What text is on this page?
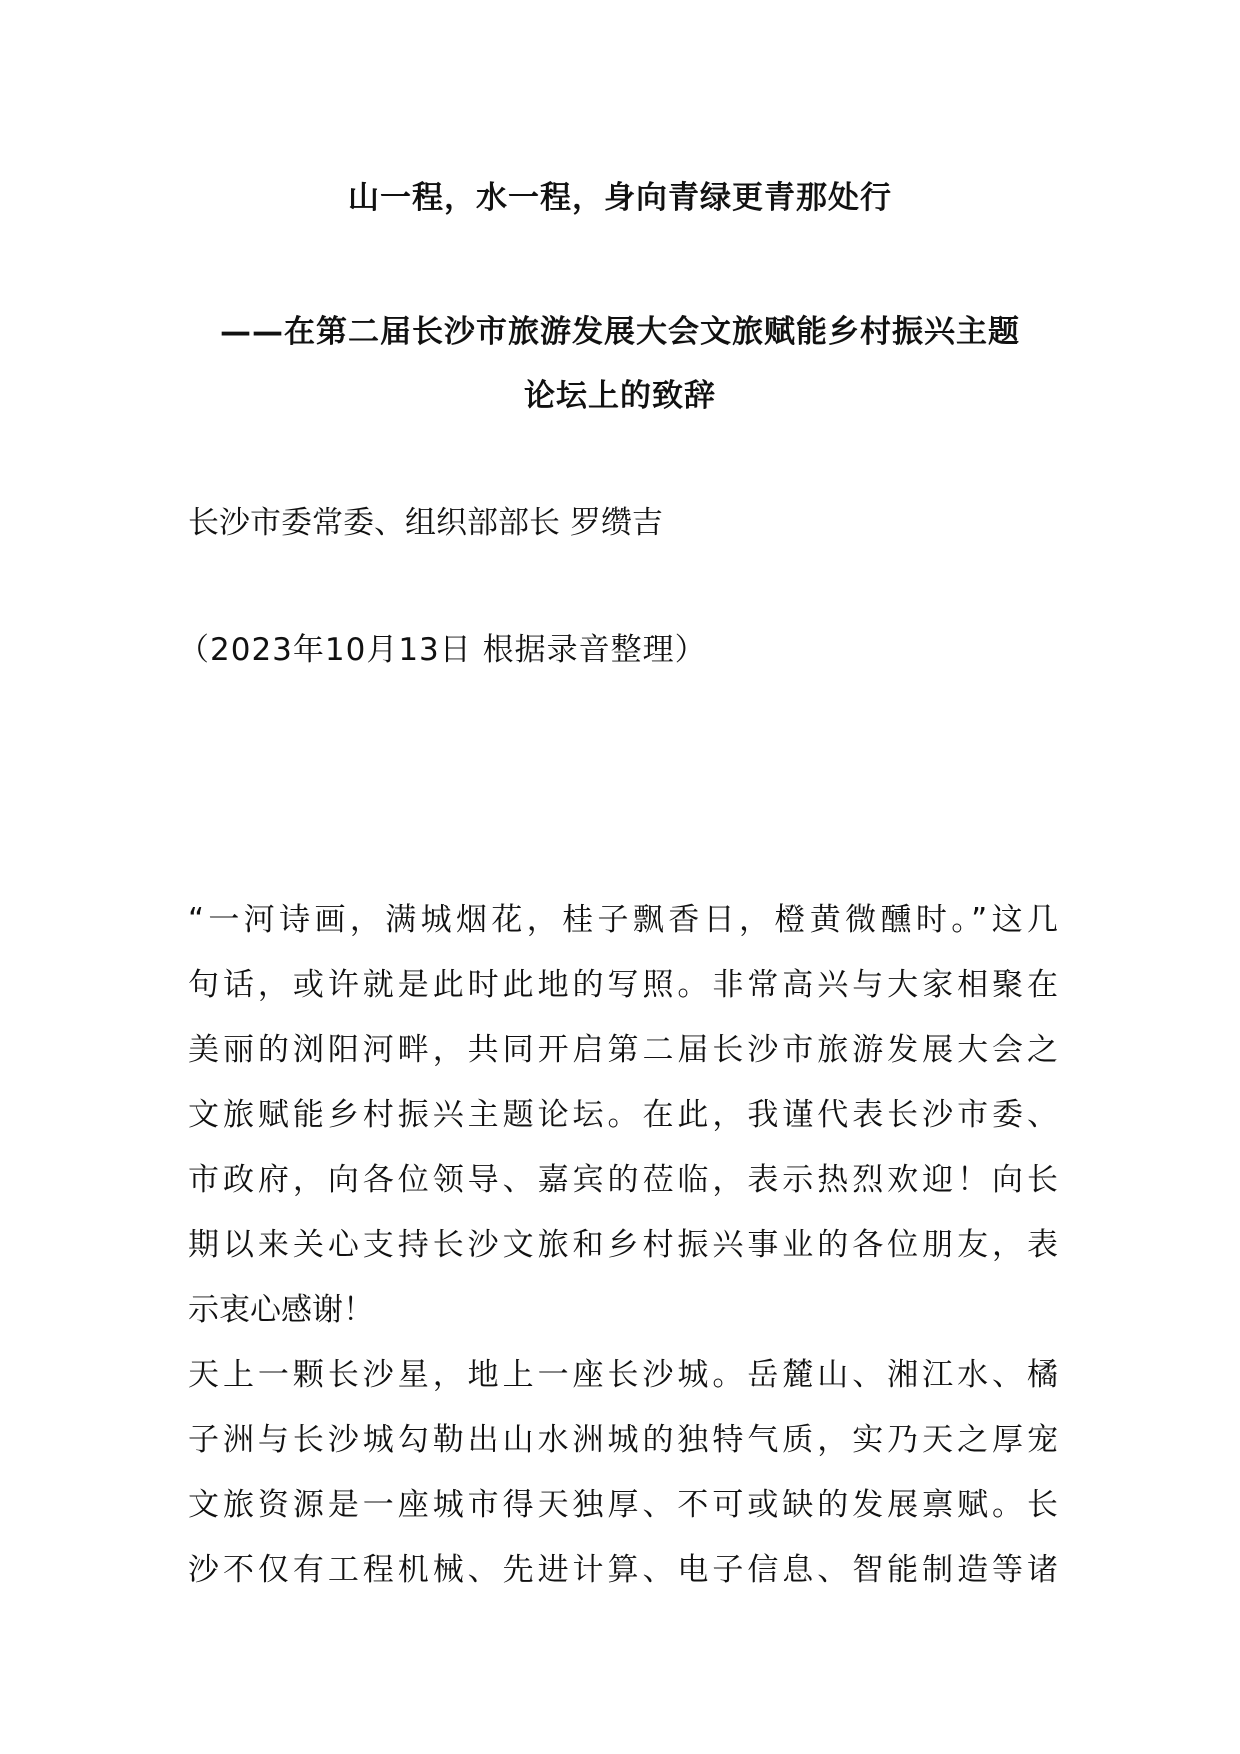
山一程，水一程，身向青绿更青那处行
——在第二届长沙市旅游发展大会文旅赋能乡村振兴主题
论坛上的致辞
长沙市委常委、组织部部长 罗缵吉
（2023年10月13日 根据录音整理）
“一河诗画，满城烟花，桂子飘香日，橙黄微醺时。”这几
句话，或许就是此时此地的写照。非常高兴与大家相聚在
美丽的浏阳河畔，共同开启第二届长沙市旅游发展大会之
文旅赋能乡村振兴主题论坛。在此，我谨代表长沙市委、
市政府，向各位领导、嘉宾的莅临，表示热烈欢迎！向长
期以来关心支持长沙文旅和乡村振兴事业的各位朋友，表
示衷心感谢！
天上一颗长沙星，地上一座长沙城。岳麓山、湘江水、橘
子洲与长沙城勾勒出山水洲城的独特气质，实乃天之厚宠
文旅资源是一座城市得天独厚、不可或缺的发展禀赋。长
沙不仅有工程机械、先进计算、电子信息、智能制造等诸
